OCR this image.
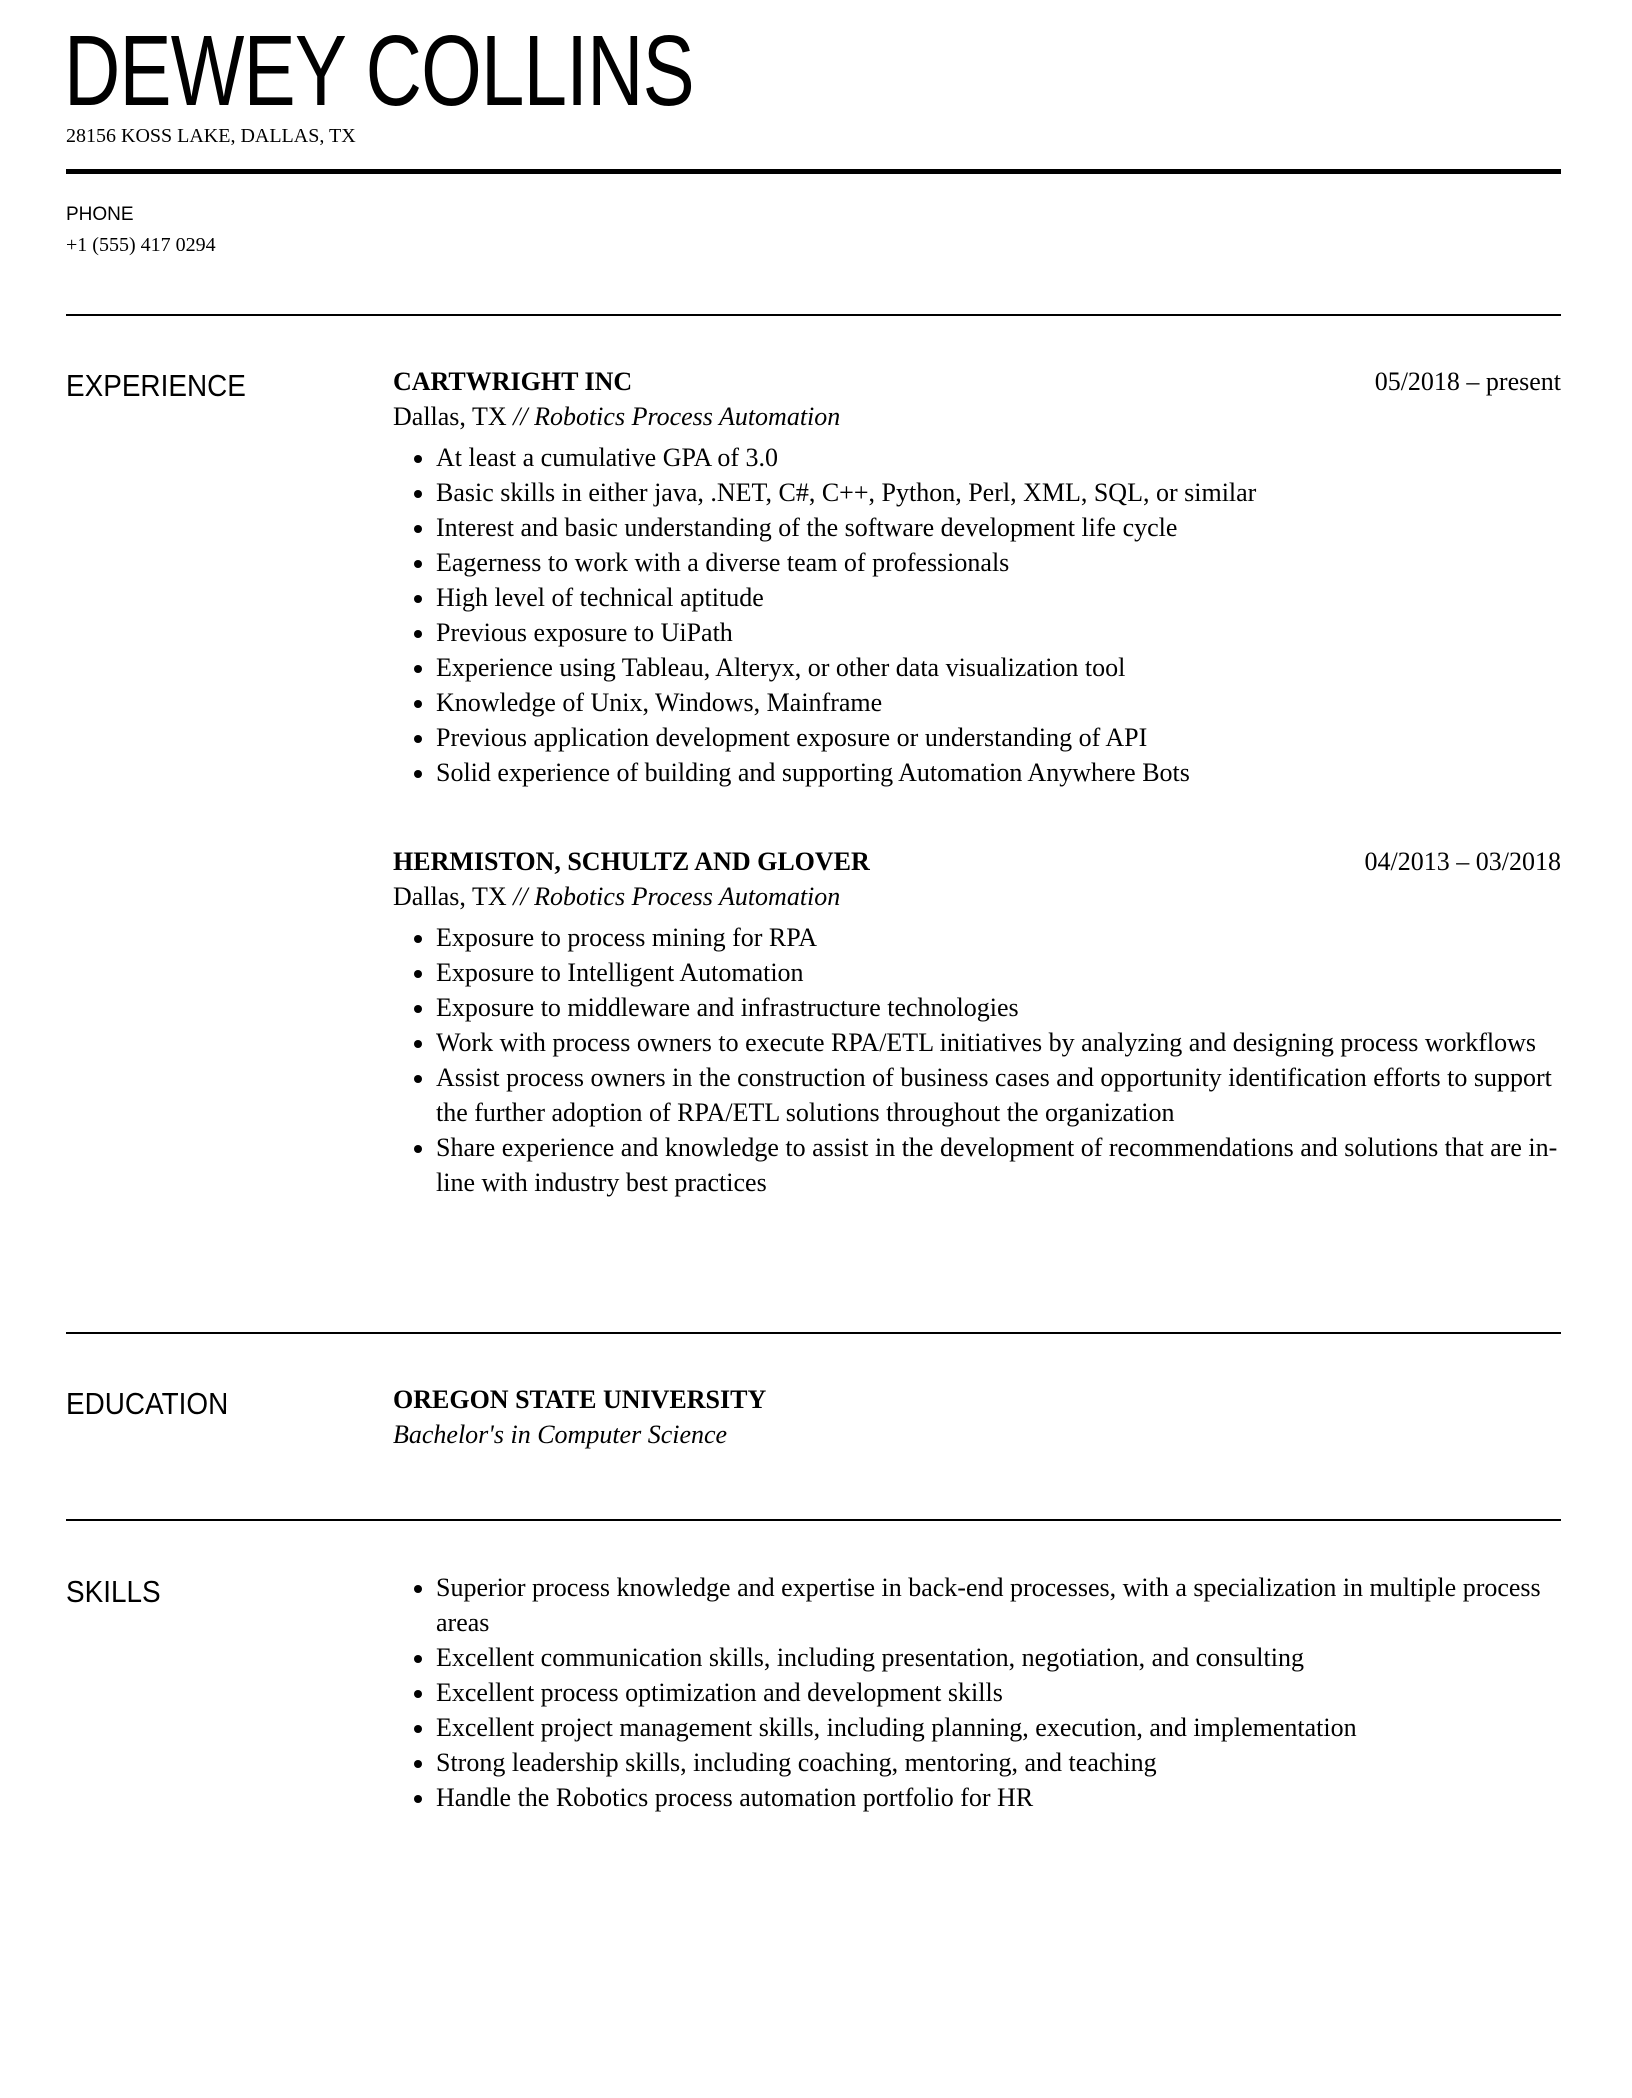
DEWEY COLLINS
28156 KOSS LAKE, DALLAS, TX
PHONE
+1 (555) 417 0294
EXPERIENCE	CARTWRIGHT INC	05/2018 – present
Dallas, TX // Robotics Process Automation
• At least a cumulative GPA of 3.0
• Basic skills in either java, .NET, C#, C++, Python, Perl, XML, SQL, or similar
• Interest and basic understanding of the software development life cycle
• Eagerness to work with a diverse team of professionals
• High level of technical aptitude
• Previous exposure to UiPath
• Experience using Tableau, Alteryx, or other data visualization tool
• Knowledge of Unix, Windows, Mainframe
• Previous application development exposure or understanding of API
• Solid experience of building and supporting Automation Anywhere Bots
HERMISTON, SCHULTZ AND GLOVER	04/2013 – 03/2018
Dallas, TX // Robotics Process Automation
• Exposure to process mining for RPA
• Exposure to Intelligent Automation
• Exposure to middleware and infrastructure technologies
• Work with process owners to execute RPA/ETL initiatives by analyzing and designing process workflows
• Assist process owners in the construction of business cases and opportunity identification efforts to support the further adoption of RPA/ETL solutions throughout the organization
• Share experience and knowledge to assist in the development of recommendations and solutions that are in-line with industry best practices
EDUCATION	OREGON STATE UNIVERSITY
Bachelor's in Computer Science
SKILLS	• Superior process knowledge and expertise in back-end processes, with a specialization in multiple process areas
• Excellent communication skills, including presentation, negotiation, and consulting
• Excellent process optimization and development skills
• Excellent project management skills, including planning, execution, and implementation
• Strong leadership skills, including coaching, mentoring, and teaching
• Handle the Robotics process automation portfolio for HR
